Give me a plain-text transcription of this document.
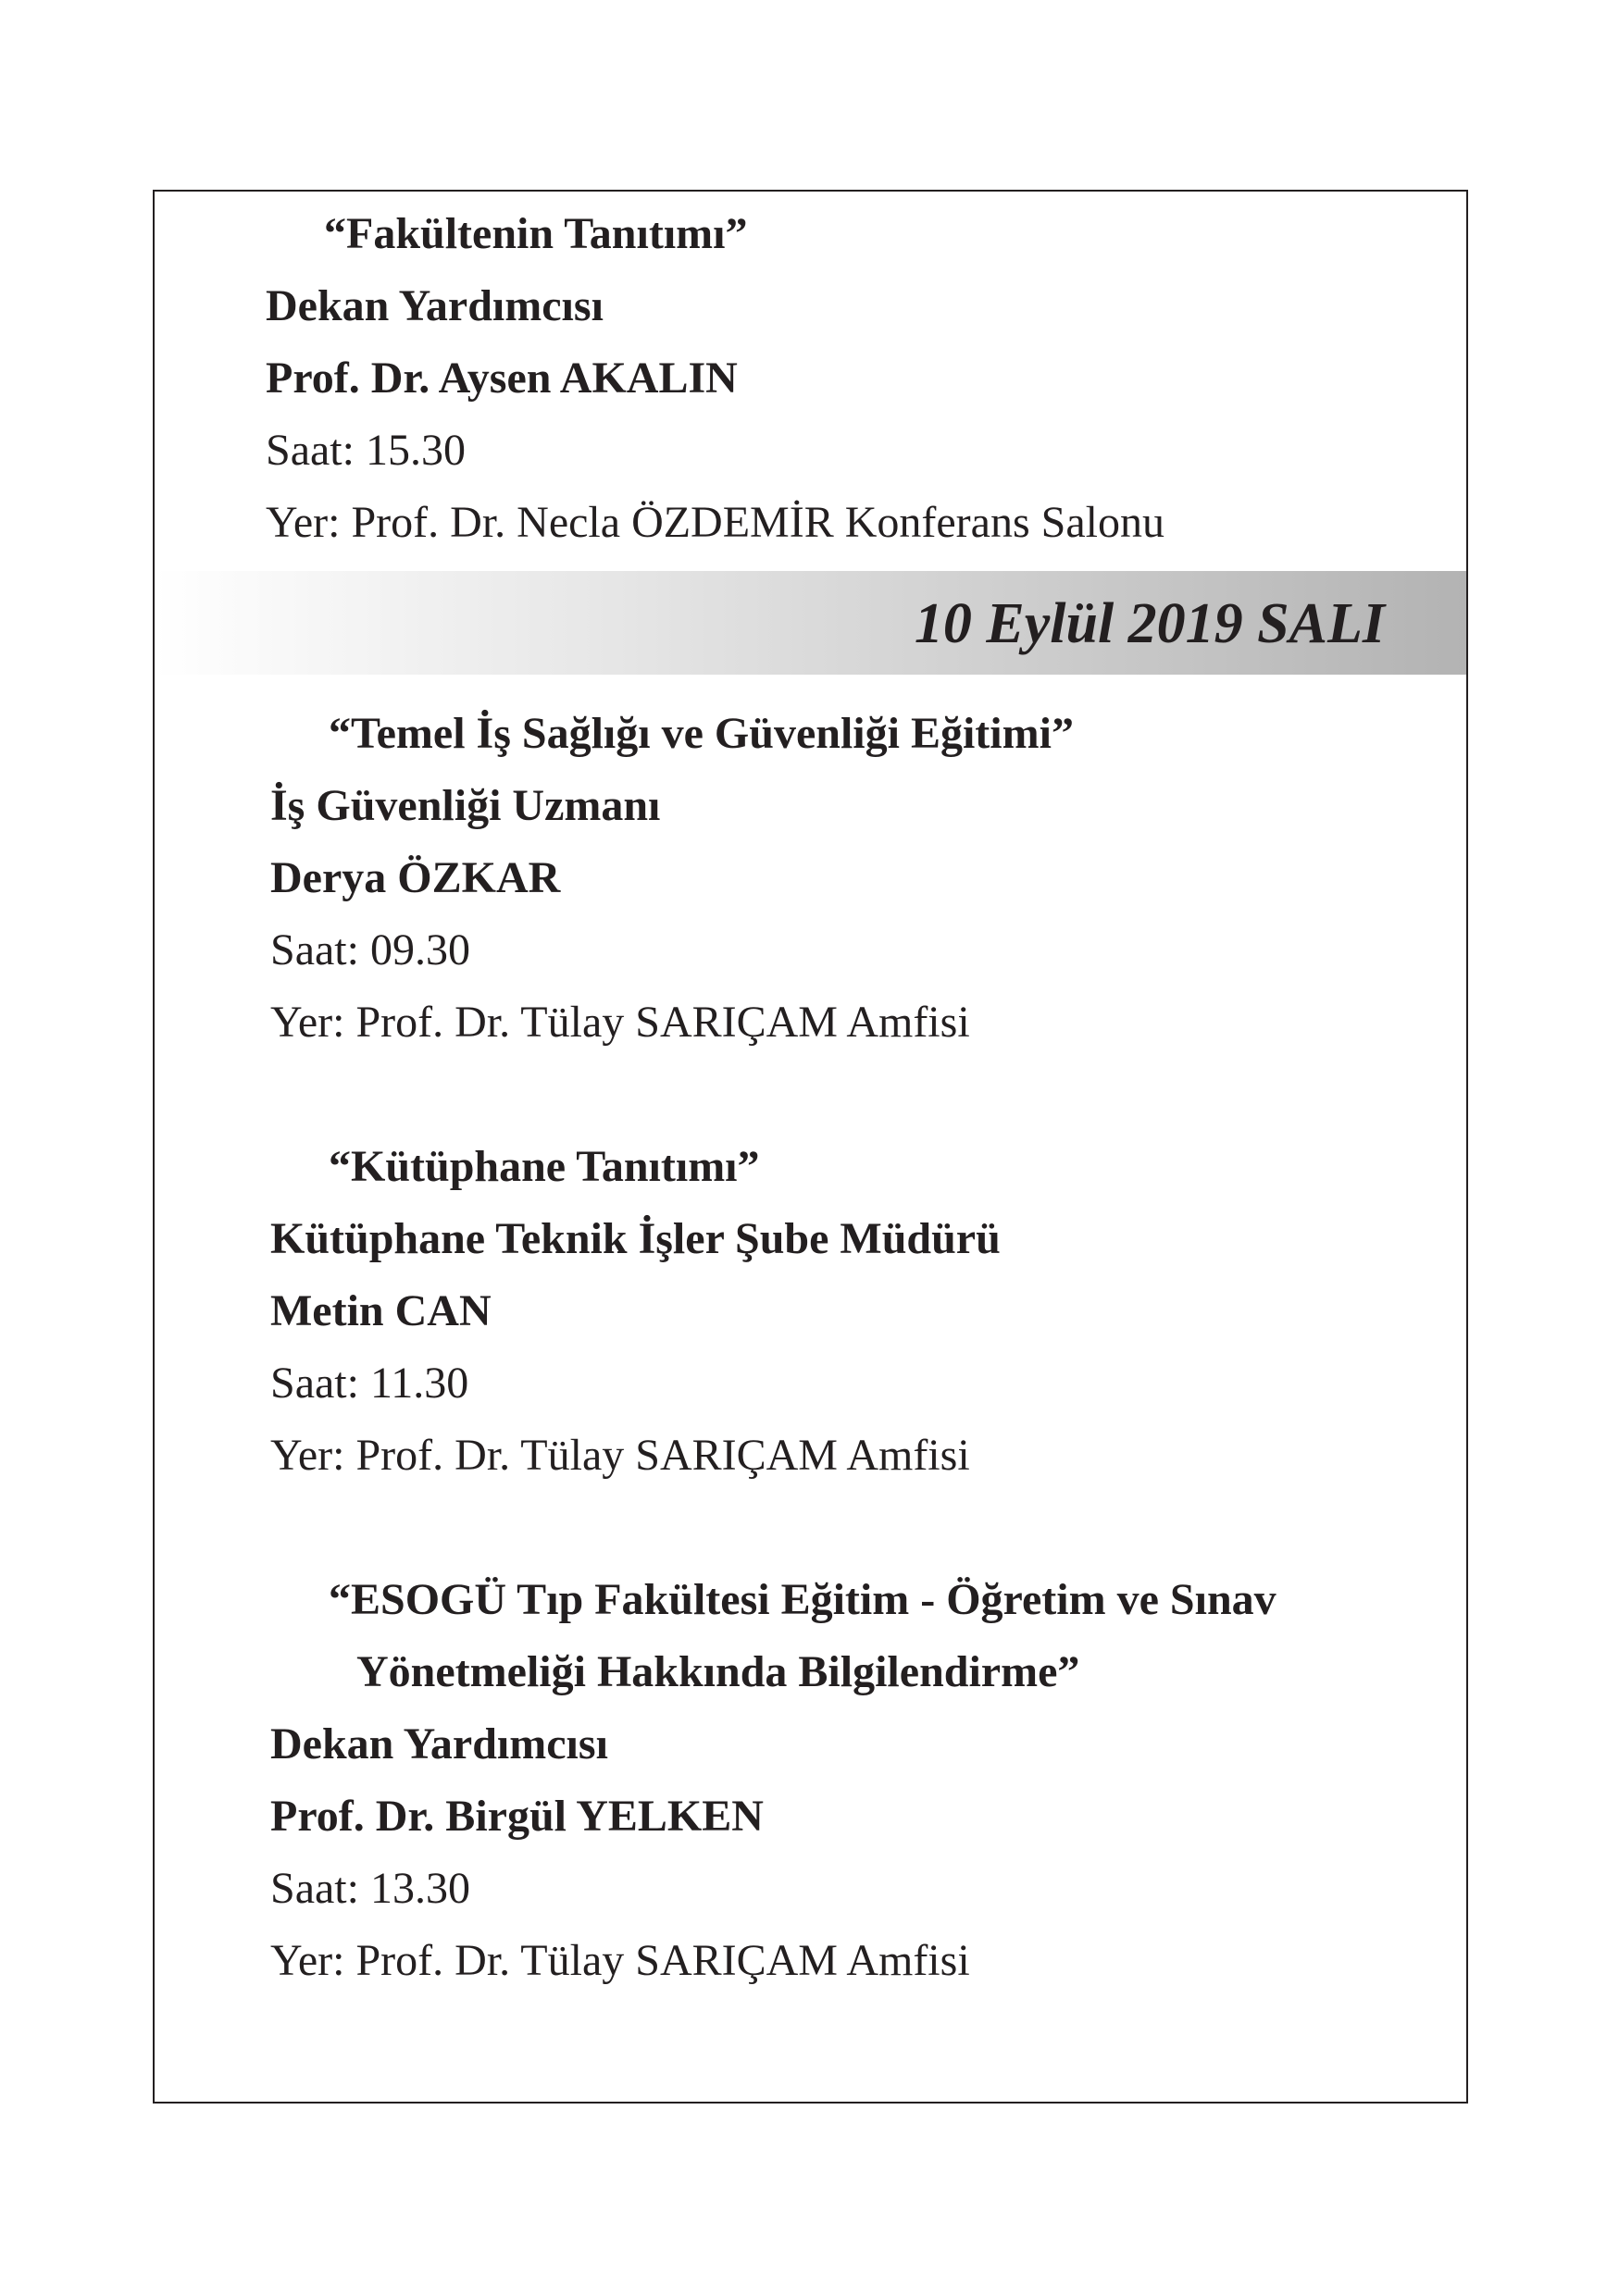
“Fakültenin Tanıtımı”
Dekan Yardımcısı
Prof. Dr. Aysen AKALIN
Saat: 15.30
Yer: Prof. Dr. Necla ÖZDEMİR Konferans Salonu
10 Eylül 2019 SALI
“Temel İş Sağlığı ve Güvenliği Eğitimi”
İş Güvenliği Uzmanı
Derya ÖZKAR
Saat: 09.30
Yer: Prof. Dr. Tülay SARIÇAM Amfisi
“Kütüphane Tanıtımı”
Kütüphane Teknik İşler Şube Müdürü
Metin CAN
Saat: 11.30
Yer: Prof. Dr. Tülay SARIÇAM Amfisi
“ESOGÜ Tıp Fakültesi Eğitim - Öğretim ve Sınav
Yönetmeliği Hakkında Bilgilendirme”
Dekan Yardımcısı
Prof. Dr. Birgül YELKEN
Saat: 13.30
Yer: Prof. Dr. Tülay SARIÇAM Amfisi
